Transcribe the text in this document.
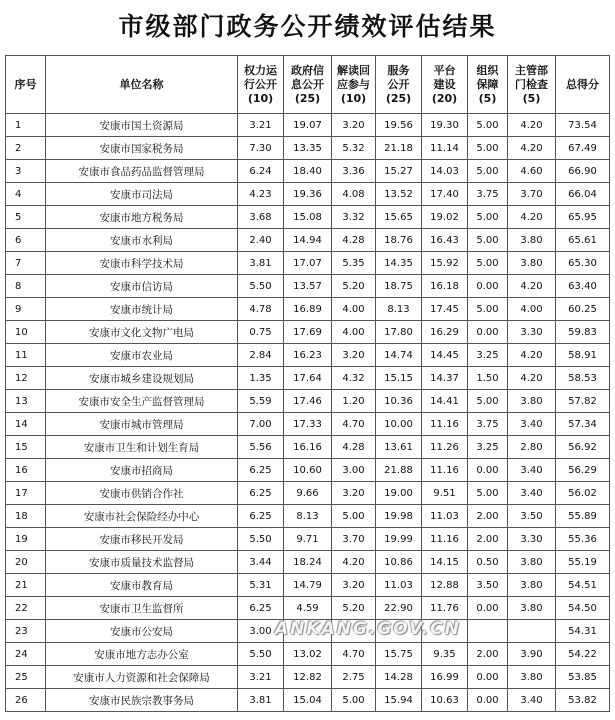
市级部门政务公开绩效评估结果
序号	单位名称	权力运
行公开
(10)	政府信
息公开
(25)	解读回
应参与
(10)	服务
公开
(25)	平台
建设
(20)	组织
保障
(5)	主管部
门检查
(5)	总得分

1	安康市国土资源局	3.21	19.07	3.20	19.56	19.30	5.00	4.20	73.54
2	安康市国家税务局	7.30	13.35	5.32	21.18	11.14	5.00	4.20	67.49
3	安康市食品药品监督管理局	6.24	18.40	3.36	15.27	14.03	5.00	4.60	66.90
4	安康市司法局	4.23	19.36	4.08	13.52	17.40	3.75	3.70	66.04
5	安康市地方税务局	3.68	15.08	3.32	15.65	19.02	5.00	4.20	65.95
6	安康市水利局	2.40	14.94	4.28	18.76	16.43	5.00	3.80	65.61
7	安康市科学技术局	3.81	17.07	5.35	14.35	15.92	5.00	3.80	65.30
8	安康市信访局	5.50	13.57	5.20	18.75	16.18	0.00	4.20	63.40
9	安康市统计局	4.78	16.89	4.00	8.13	17.45	5.00	4.00	60.25
10	安康市文化文物广电局	0.75	17.69	4.00	17.80	16.29	0.00	3.30	59.83
11	安康市农业局	2.84	16.23	3.20	14.74	14.45	3.25	4.20	58.91
12	安康市城乡建设规划局	1.35	17.64	4.32	15.15	14.37	1.50	4.20	58.53
13	安康市安全生产监督管理局	5.59	17.46	1.20	10.36	14.41	5.00	3.80	57.82
14	安康市城市管理局	7.00	17.33	4.70	10.00	11.16	3.75	3.40	57.34
15	安康市卫生和计划生育局	5.56	16.16	4.28	13.61	11.26	3.25	2.80	56.92
16	安康市招商局	6.25	10.60	3.00	21.88	11.16	0.00	3.40	56.29
17	安康市供销合作社	6.25	9.66	3.20	19.00	9.51	5.00	3.40	56.02
18	安康市社会保险经办中心	6.25	8.13	5.00	19.98	11.03	2.00	3.50	55.89
19	安康市移民开发局	5.50	9.71	3.70	19.99	11.16	2.00	3.30	55.36
20	安康市质量技术监督局	3.44	18.24	4.20	10.86	14.15	0.50	3.80	55.19
21	安康市教育局	5.31	14.79	3.20	11.03	12.88	3.50	3.80	54.51
22	安康市卫生监督所	6.25	4.59	5.20	22.90	11.76	0.00	3.80	54.50
23	安康市公安局	3.00							54.31
24	安康市地方志办公室	5.50	13.02	4.70	15.75	9.35	2.00	3.90	54.22
25	安康市人力资源和社会保障局	3.21	12.82	2.75	14.28	16.99	0.00	3.80	53.85
26	安康市民族宗教事务局	3.81	15.04	5.00	15.94	10.63	0.00	3.40	53.82
ANKANG.GOV.CN
